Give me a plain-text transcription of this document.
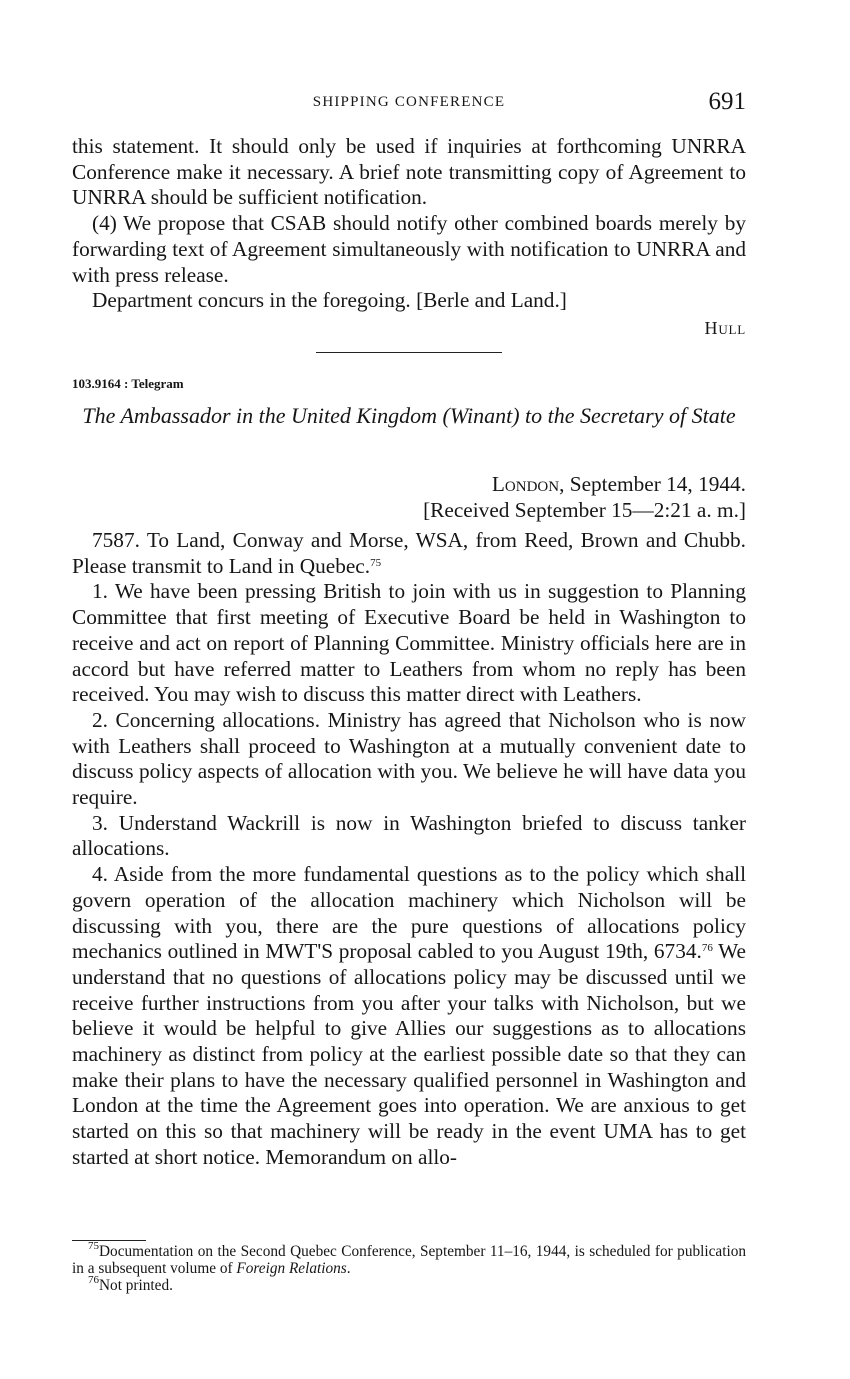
SHIPPING CONFERENCE	691

this statement. It should only be used if inquiries at forthcoming UNRRA Conference make it necessary. A brief note transmitting copy of Agreement to UNRRA should be sufficient notification.

(4) We propose that CSAB should notify other combined boards merely by forwarding text of Agreement simultaneously with notification to UNRRA and with press release.

Department concurs in the foregoing. [Berle and Land.]

Hull
103.9164 : Telegram
The Ambassador in the United Kingdom (Winant) to the Secretary of State
London, September 14, 1944.
[Received September 15—2:21 a. m.]

7587. To Land, Conway and Morse, WSA, from Reed, Brown and Chubb. Please transmit to Land in Quebec.$^{75}$

1. We have been pressing British to join with us in suggestion to Planning Committee that first meeting of Executive Board be held in Washington to receive and act on report of Planning Committee. Ministry officials here are in accord but have referred matter to Leathers from whom no reply has been received. You may wish to discuss this matter direct with Leathers.

2. Concerning allocations. Ministry has agreed that Nicholson who is now with Leathers shall proceed to Washington at a mutually convenient date to discuss policy aspects of allocation with you. We believe he will have data you require.

3. Understand Wackrill is now in Washington briefed to discuss tanker allocations.

4. Aside from the more fundamental questions as to the policy which shall govern operation of the allocation machinery which Nicholson will be discussing with you, there are the pure questions of allocations policy mechanics outlined in MWT'S proposal cabled to you August 19th, 6734.76 We understand that no questions of allocations policy may be discussed until we receive further instructions from you after your talks with Nicholson, but we believe it would be helpful to give Allies our suggestions as to allocations machinery as distinct from policy at the earliest possible date so that they can make their plans to have the necessary qualified personnel in Washington and London at the time the Agreement goes into operation. We are anxious to get started on this so that machinery will be ready in the event UMA has to get started at short notice. Memorandum on allo-

$^{75}$Documentation on the Second Quebec Conference, September 11–16, 1944, is scheduled for publication in a subsequent volume of Foreign Relations.

$^{76}$Not printed.
